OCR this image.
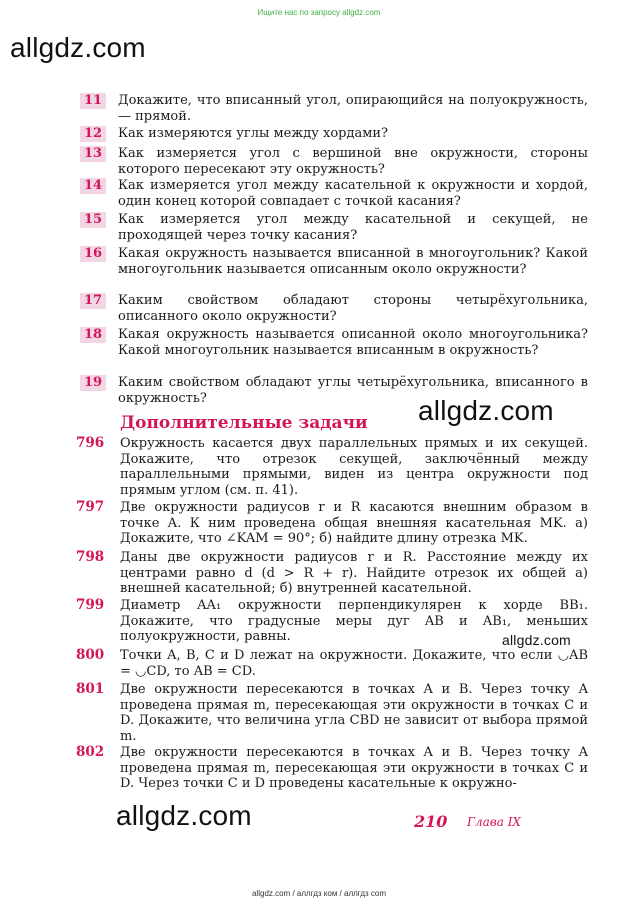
Ищите нас по запросу allgdz.com
allgdz.com
allgdz.com
allgdz.com
allgdz.com
11	Докажите, что вписанный угол, опирающийся на полуокружность, — прямой.
12	Как измеряются углы между хордами?
13	Как измеряется угол с вершиной вне окружности, стороны которого пересекают эту окружность?
14	Как измеряется угол между касательной к окружности и хордой, один конец которой совпадает с точкой касания?
15	Как измеряется угол между касательной и секущей, не проходящей через точку касания?
16	Какая окружность называется вписанной в многоугольник? Какой многоугольник называется описанным около окружности?
17	Каким свойством обладают стороны четырёхугольника, описанного около окружности?
18	Какая окружность называется описанной около многоугольника? Какой многоугольник называется вписанным в окружность?
19	Каким свойством обладают углы четырёхугольника, вписанного в окружность?
Дополнительные задачи
796	Окружность касается двух параллельных прямых и их секущей. Докажите, что отрезок секущей, заключённый между параллельными прямыми, виден из центра окружности под прямым углом (см. п. 41).
797	Две окружности радиусов r и R касаются внешним образом в точке A. К ним проведена общая внешняя касательная MK. а) Докажите, что ∠KAM = 90°; б) найдите длину отрезка MK.
798	Даны две окружности радиусов r и R. Расстояние между их центрами равно d (d > R + r). Найдите отрезок их общей а) внешней касательной; б) внутренней касательной.
799	Диаметр AA₁ окружности перпендикулярен к хорде BB₁. Докажите, что градусные меры дуг AB и AB₁, меньших полуокружности, равны.
800	Точки A, B, C и D лежат на окружности. Докажите, что если ◡AB = ◡CD, то AB = CD.
801	Две окружности пересекаются в точках A и B. Через точку A проведена прямая m, пересекающая эти окружности в точках C и D. Докажите, что величина угла CBD не зависит от выбора прямой m.
802	Две окружности пересекаются в точках A и B. Через точку A проведена прямая m, пересекающая эти окружности в точках C и D. Через точки C и D проведены касательные к окружно-
210 Глава IX
allgdz.com / аллгдз ком / аллгдз com
